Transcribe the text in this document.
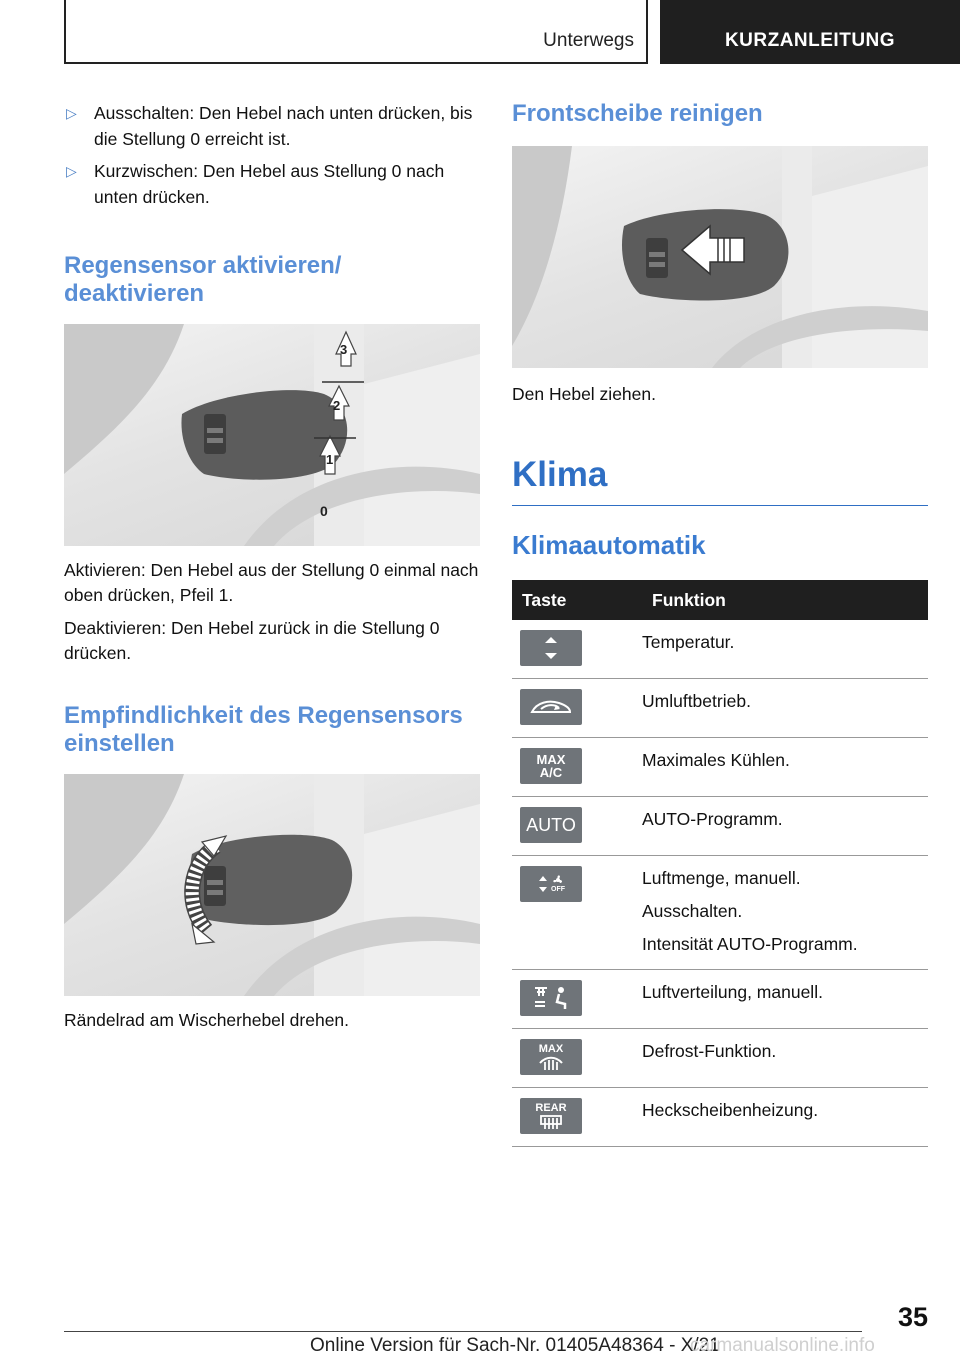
Unterwegs	KURZANLEITUNG
▷ Ausschalten: Den Hebel nach unten drücken, bis die Stellung 0 erreicht ist.
▷ Kurzwischen: Den Hebel aus Stellung 0 nach unten drücken.
Regensensor aktivieren/ deaktivieren
3
2
1
0

Aktivieren: Den Hebel aus der Stellung 0 einmal nach oben drücken, Pfeil 1.

Deaktivieren: Den Hebel zurück in die Stellung 0 drücken.

Empfindlichkeit des Regensensors einstellen

Rändelrad am Wischerhebel drehen.

Frontscheibe reinigen

Den Hebel ziehen.

Klima
Klimaautomatik
Taste	Funktion

Temperatur.

Umluftbetrieb.

MAX A/C	Maximales Kühlen.

AUTO	AUTO-Programm.

OFF	Luftmenge, manuell.
Ausschalten.
Intensität AUTO-Programm.

Luftverteilung, manuell.

MAX	Defrost-Funktion.

REAR	Heckscheibenheizung.
35
Online Version für Sach-Nr. 01405A48364 - X/21
carmanualsonline.info
